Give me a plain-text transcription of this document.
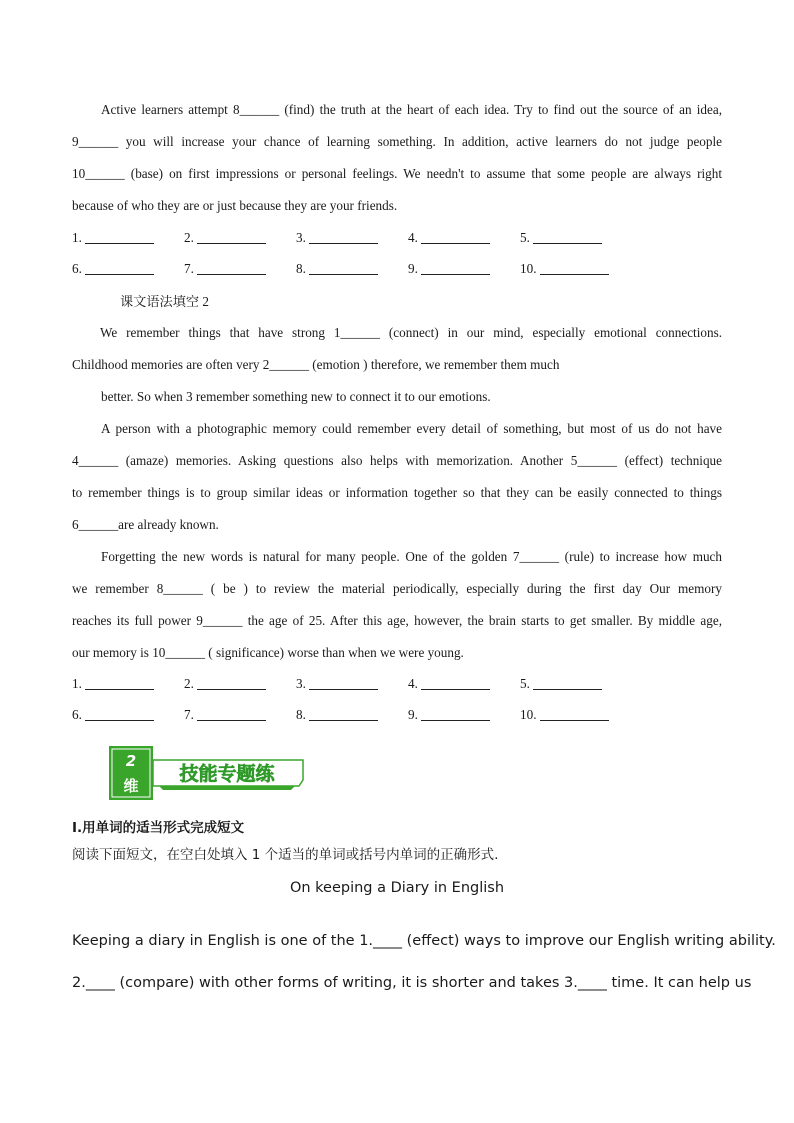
Active learners attempt 8______ (find) the truth at the heart of each idea. Try to find out the source of an idea,
9______ you will increase your chance of learning something. In addition, active learners do not judge people
10______ (base) on first impressions or personal feelings. We needn't to assume that some people are always right
because of who they are or just because they are your friends.

1.	2.	3.	4.	5.
6.	7.	8.	9.	10.
课文语法填空 2

We remember things that have strong 1______ (connect) in our mind, especially emotional connections.
Childhood memories are often very 2______ (emotion ) therefore, we remember them much
better. So when 3 remember something new to connect it to our emotions.

A person with a photographic memory could remember every detail of something, but most of us do not have
4______ (amaze) memories. Asking questions also helps with memorization. Another 5______ (effect) technique
to remember things is to group similar ideas or information together so that they can be easily connected to things
6______are already known.

Forgetting the new words is natural for many people. One of the golden 7______ (rule) to increase how much
we remember 8______ ( be ) to review the material periodically, especially during the first day Our memory
reaches its full power 9______ the age of 25. After this age, however, the brain starts to get smaller. By middle age,
our memory is 10______ ( significance) worse than when we were young.

1.	2.	3.	4.	5.
6.	7.	8.	9.	10.
2
维
技能专题练
I.用单词的适当形式完成短文
阅读下面短文，在空白处填入 1 个适当的单词或括号内单词的正确形式.
On keeping a Diary in English
Keeping a diary in English is one of the 1.____ (effect) ways to improve our English writing ability.
2.____ (compare) with other forms of writing, it is shorter and takes 3.____ time. It can help us
